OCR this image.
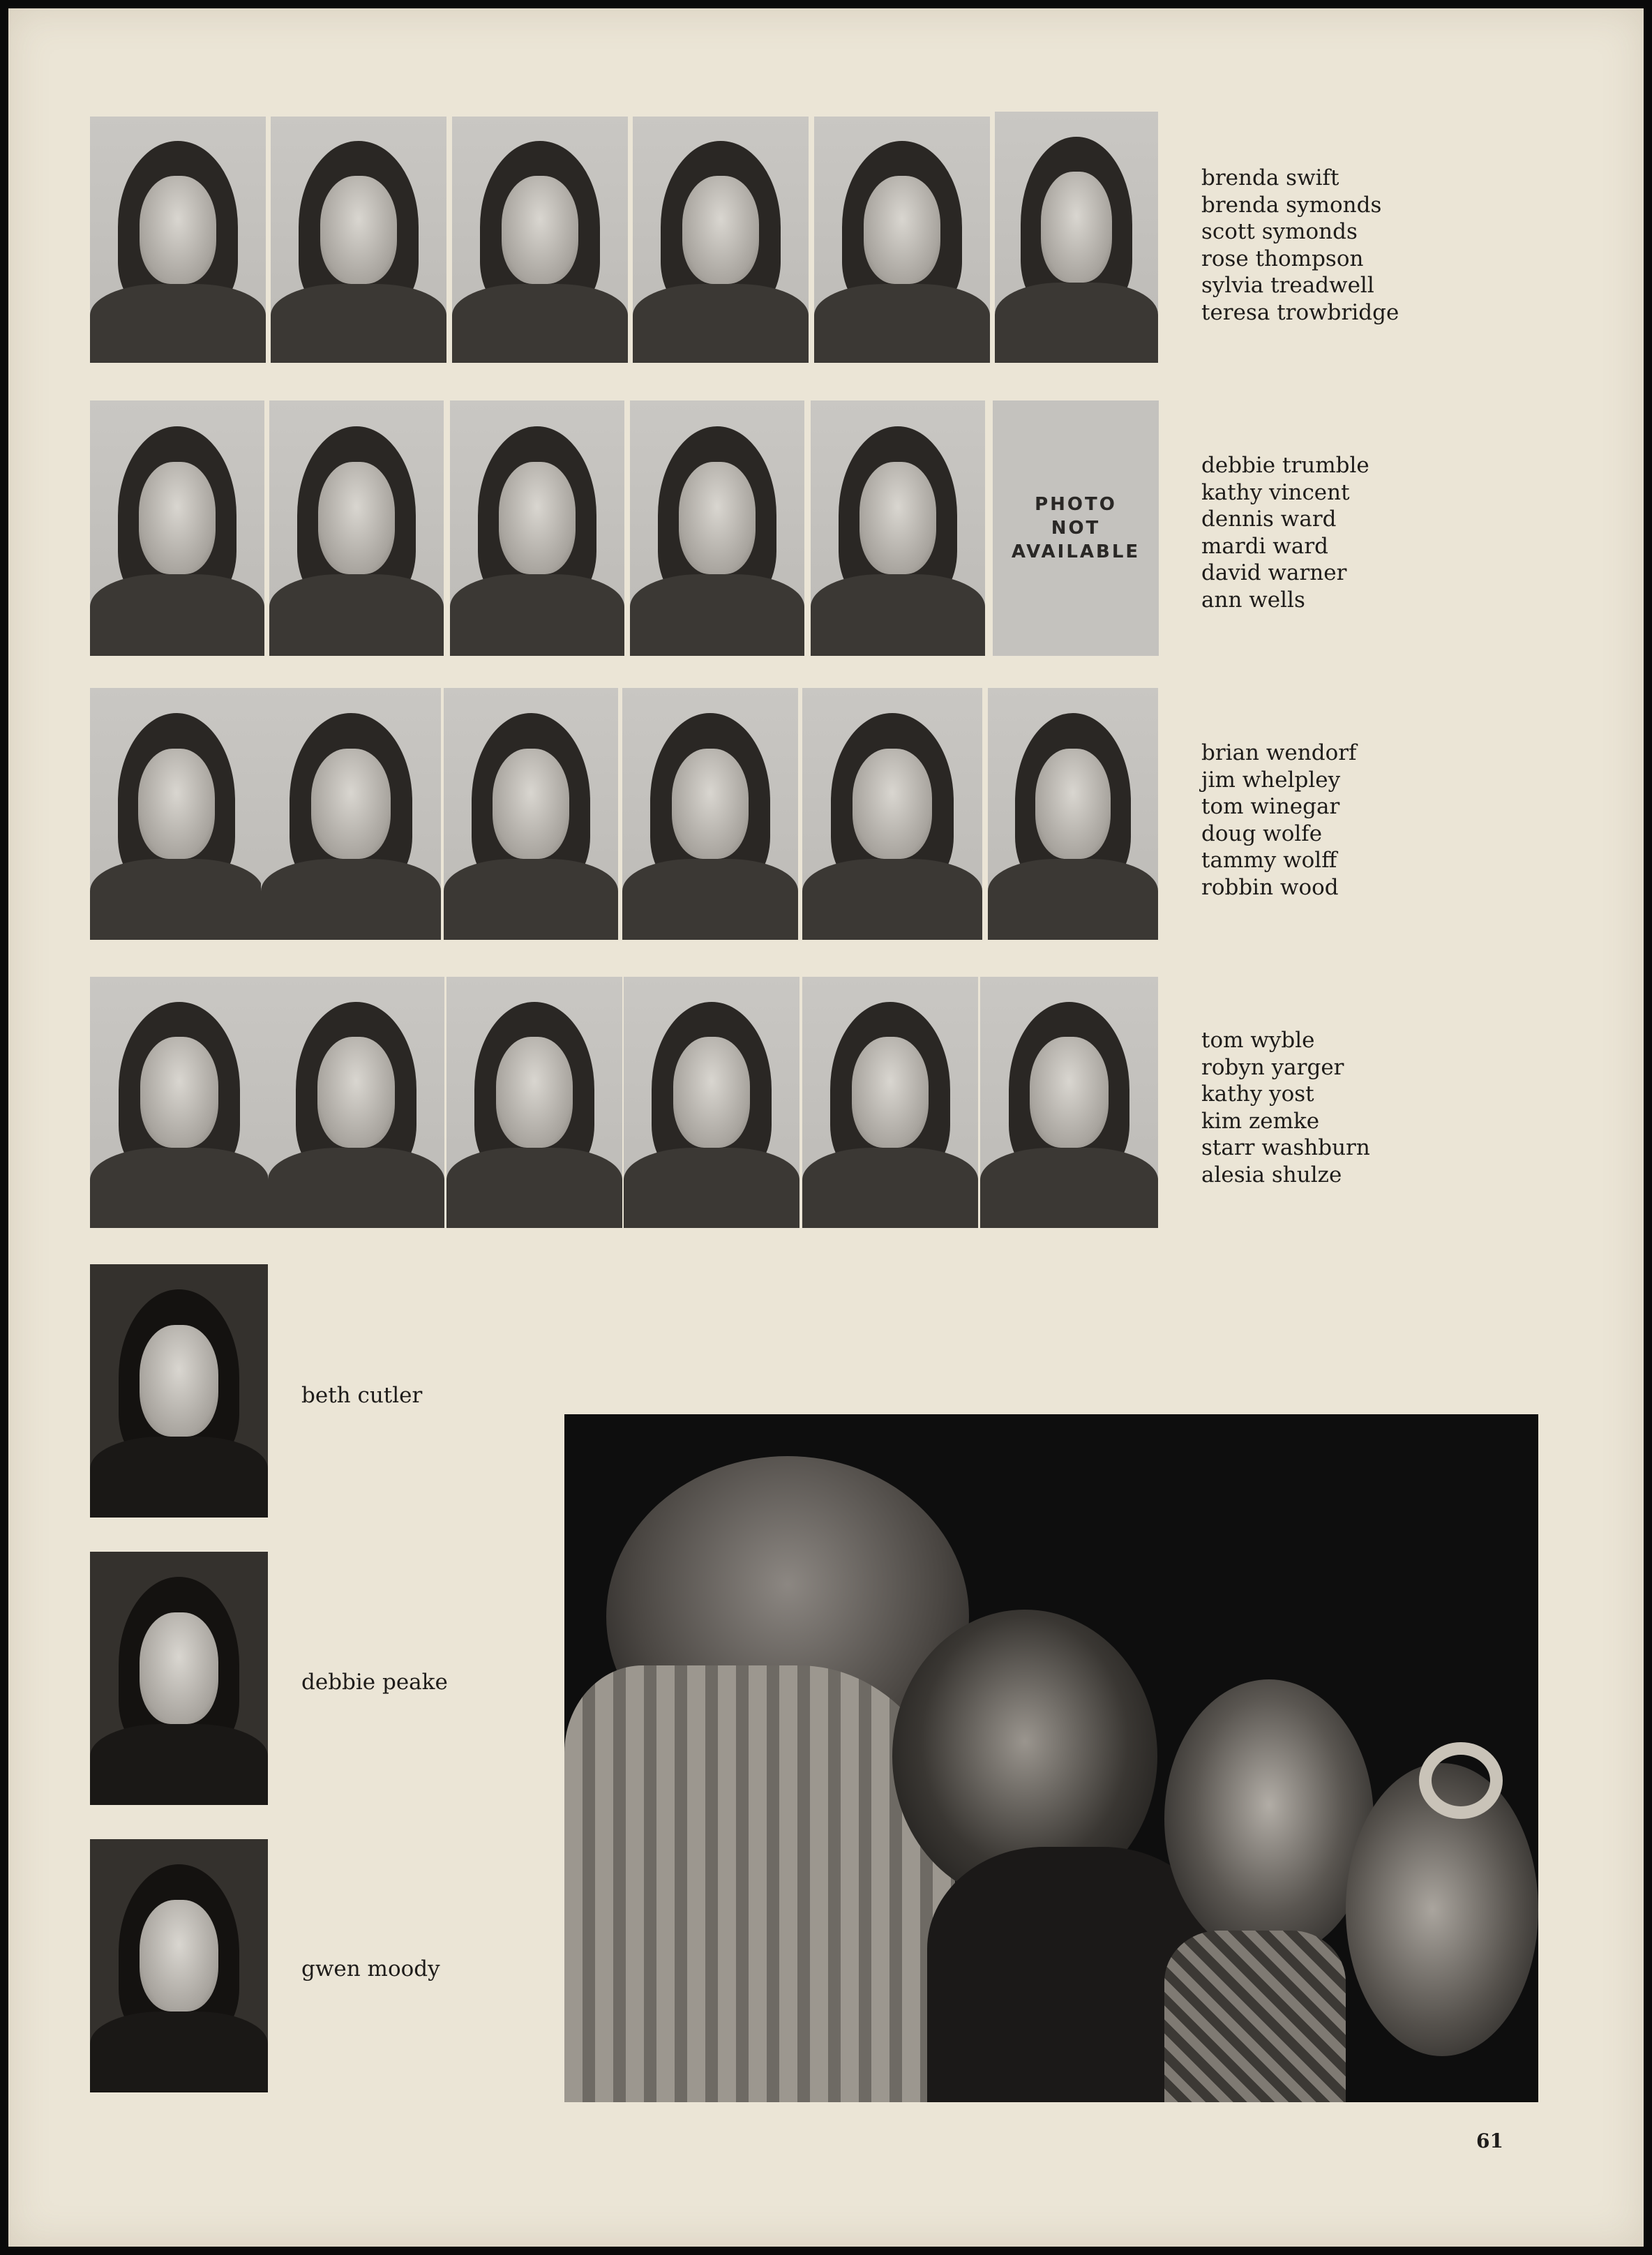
brenda swift
brenda symonds
scott symonds
rose thompson
sylvia treadwell
teresa trowbridge
PHOTO
NOT
AVAILABLE
debbie trumble
kathy vincent
dennis ward
mardi ward
david warner
ann wells
brian wendorf
jim whelpley
tom winegar
doug wolfe
tammy wolff
robbin wood
tom wyble
robyn yarger
kathy yost
kim zemke
starr washburn
alesia shulze
beth cutler
debbie peake
gwen moody
61
